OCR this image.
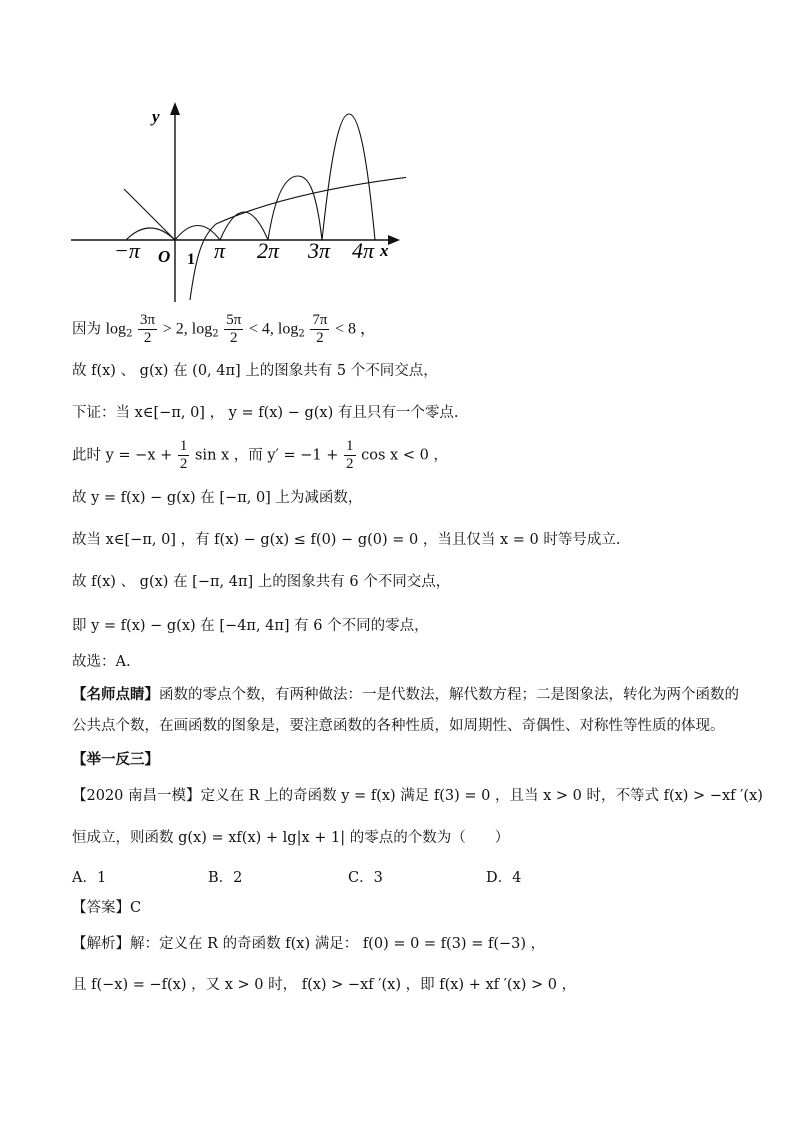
y
x
O 1
−π	π 2π 3π 4π
因为 $\log_2 \frac{3\pi}{2} > 2$, $\log_2 \frac{5\pi}{2} < 4$, $\log_2 \frac{7\pi}{2} < 8$ ，
故 f(x) 、 g(x) 在 (0, 4π] 上的图象共有 5 个不同交点，
下证：当 x∈[−π, 0] ， y = f(x) − g(x) 有且只有一个零点.
此时 $y = -x + \frac{1}{2}$ sin x ，而 $y' = -1 + \frac{1}{2}$ cos x < 0 ，
故 y = f(x) − g(x) 在 [−π, 0] 上为减函数，
故当 x∈[−π, 0] ，有 f(x) − g(x) ≤ f(0) − g(0) = 0 ，当且仅当 x = 0 时等号成立.
故 f(x) 、 g(x) 在 [−π, 4π] 上的图象共有 6 个不同交点，
即 y = f(x) − g(x) 在 [−4π, 4π] 有 6 个不同的零点，
故选：A.
【名师点睛】函数的零点个数，有两种做法：一是代数法，解代数方程；二是图象法，转化为两个函数的
公共点个数，在画函数的图象是，要注意函数的各种性质，如周期性、奇偶性、对称性等性质的体现。
【举一反三】
【2020 南昌一模】定义在 R 上的奇函数 y = f(x) 满足 f(3) = 0 ，且当 x > 0 时，不等式 f(x) > −xf ′(x)
恒成立，则函数 g(x) = xf(x) + lg|x + 1| 的零点的个数为（　　）
A．1	B．2	C．3	D．4
【答案】C
【解析】解：定义在 R 的奇函数 f(x) 满足： f(0) = 0 = f(3) = f(−3) ，
且 f(−x) = −f(x) ，又 x > 0 时， f(x) > −xf ′(x) ，即 f(x) + xf ′(x) > 0 ，
